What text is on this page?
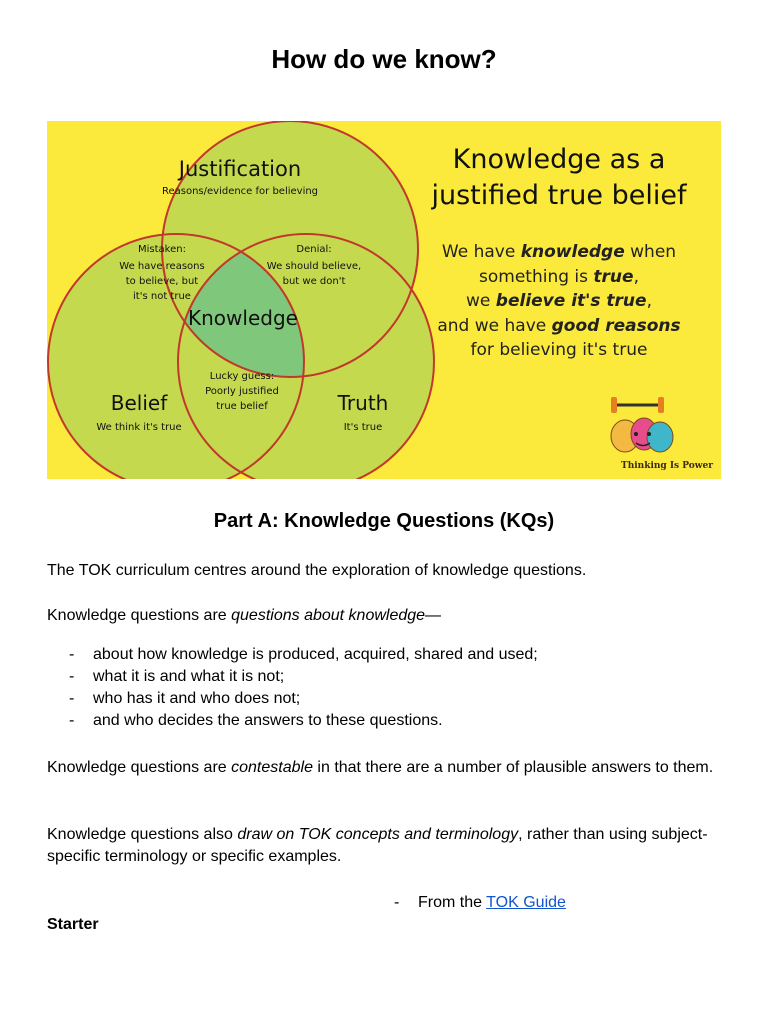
How do we know?
Justification
Reasons/evidence for believing
Mistaken:
We have reasons
to believe, but
it's not true
Denial:
We should believe,
but we don't
Knowledge
Lucky guess:
Poorly justified
true belief
Belief
We think it's true
Truth
It's true
Knowledge as a
justified true belief
We have knowledge when
something is true,
we believe it's true,
and we have good reasons
for believing it's true
Thinking Is Power
Part A: Knowledge Questions (KQs)

The TOK curriculum centres around the exploration of knowledge questions.

Knowledge questions are questions about knowledge—

- about how knowledge is produced, acquired, shared and used;
- what it is and what it is not;
- who has it and who does not;
- and who decides the answers to these questions.

Knowledge questions are contestable in that there are a number of plausible answers to them.

Knowledge questions also draw on TOK concepts and terminology, rather than using subject-specific terminology or specific examples.

- From the TOK Guide
Starter
